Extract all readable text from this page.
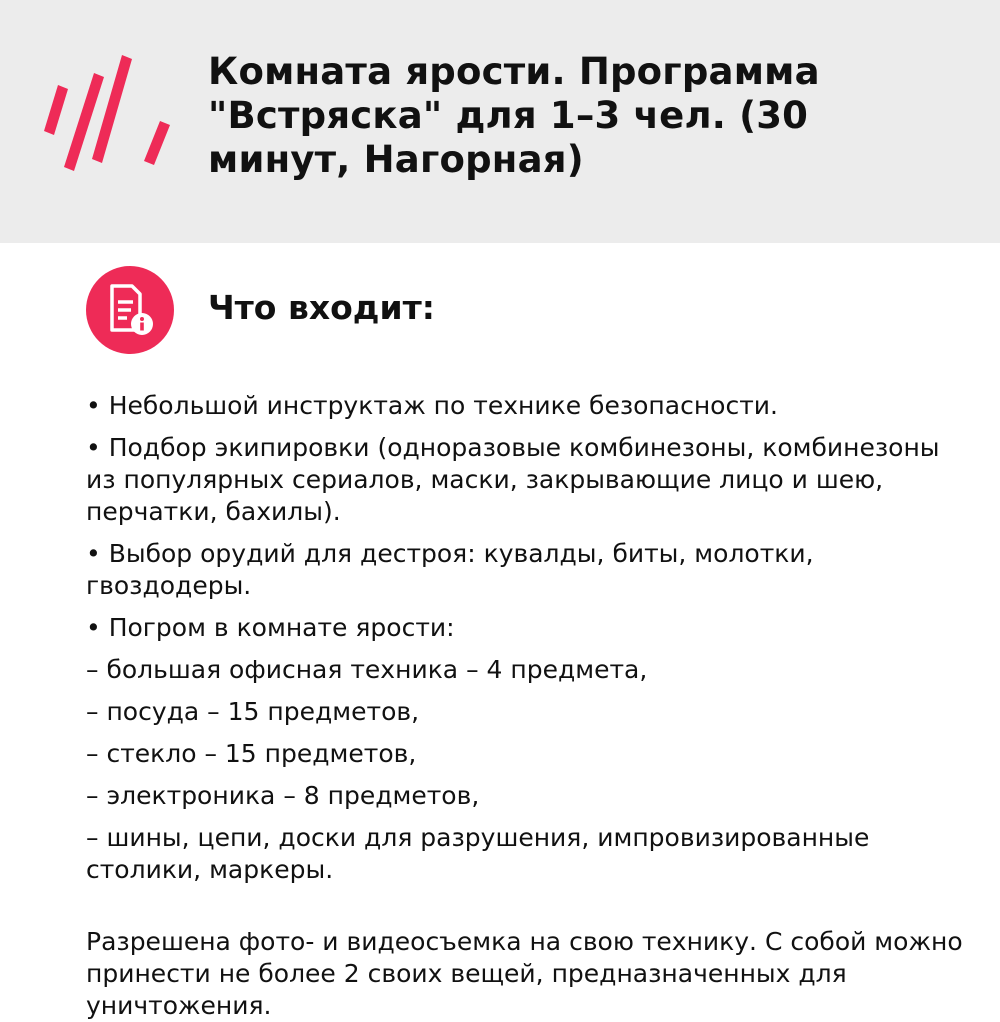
Комната ярости. Программа "Встряска" для 1–3 чел. (30 минут, Нагорная)
Что входит:

• Небольшой инструктаж по технике безопасности.

• Подбор экипировки (одноразовые комбинезоны, комбинезоны из популярных сериалов, маски, закрывающие лицо и шею, перчатки, бахилы).

• Выбор орудий для дестроя: кувалды, биты, молотки, гвоздодеры.

• Погром в комнате ярости:

– большая офисная техника – 4 предмета,

– посуда – 15 предметов,

– стекло – 15 предметов,

– электроника – 8 предметов,

– шины, цепи, доски для разрушения, импровизированные столики, маркеры.

Разрешена фото- и видеосъемка на свою технику. С собой можно принести не более 2 своих вещей, предназначенных для уничтожения.
